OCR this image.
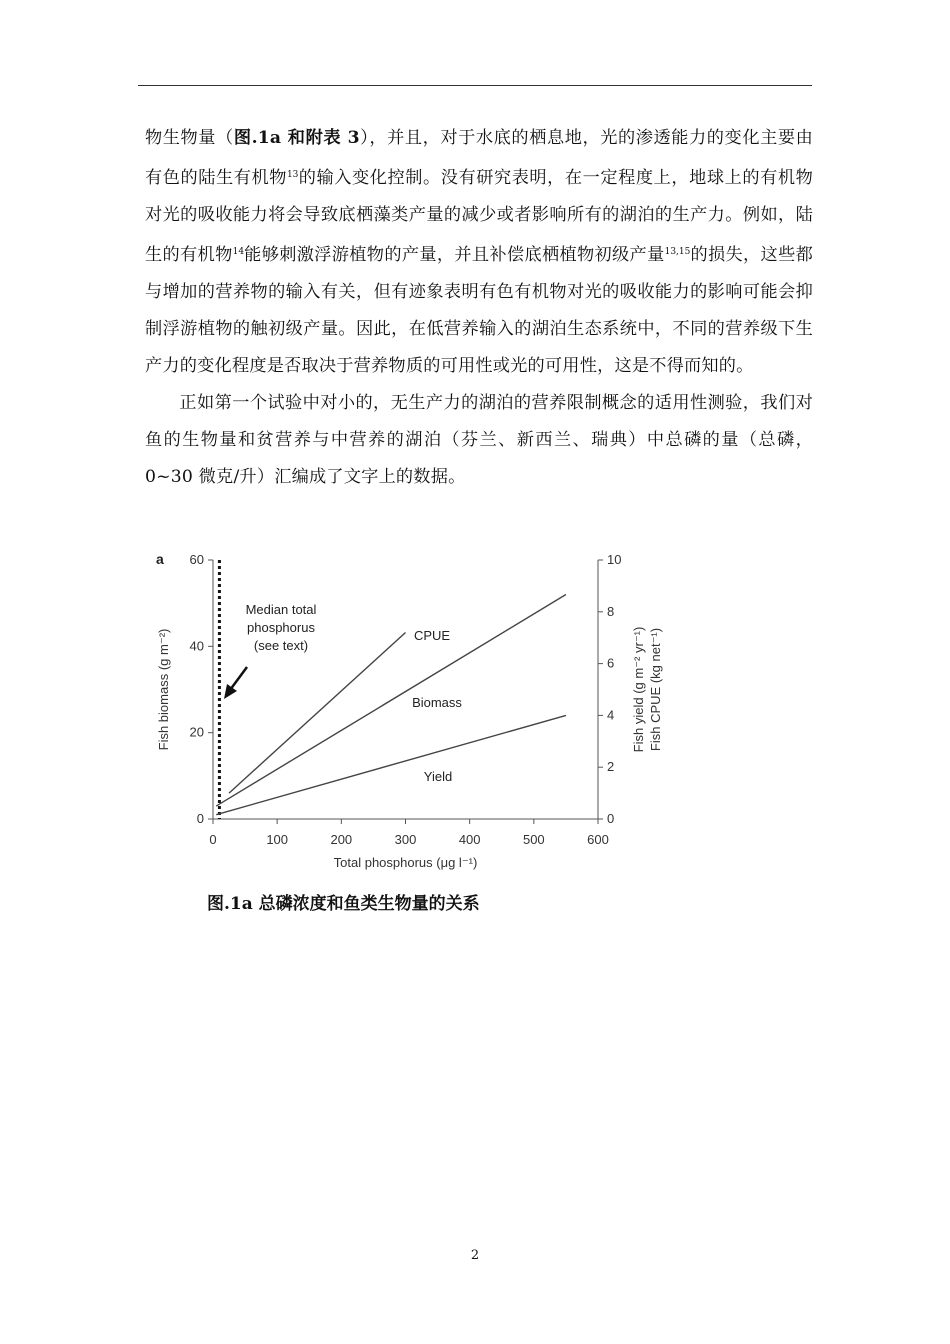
物生物量（图.1a 和附表 3），并且，对于水底的栖息地，光的渗透能力的变化主要由有色的陆生有机物$^{13}$的输入变化控制。没有研究表明，在一定程度上，地球上的有机物对光的吸收能力将会导致底栖藻类产量的减少或者影响所有的湖泊的生产力。例如，陆生的有机物$^{14}$能够刺激浮游植物的产量，并且补偿底栖植物初级产量$^{13,15}$的损失，这些都与增加的营养物的输入有关，但有迹象表明有色有机物对光的吸收能力的影响可能会抑制浮游植物的触初级产量。因此，在低营养输入的湖泊生态系统中，不同的营养级下生产力的变化程度是否取决于营养物质的可用性或光的可用性，这是不得而知的。

正如第一个试验中对小的，无生产力的湖泊的营养限制概念的适用性测验，我们对鱼的生物量和贫营养与中营养的湖泊（芬兰、新西兰、瑞典）中总磷的量（总磷，0~30 微克/升）汇编成了文字上的数据。

0	100	200	300	400	500	600
0
20
40
60
0
2
4
6
8
10
a
Total phosphorus (μg l⁻¹)
Fish biomass (g m⁻²)	Fish yield (g m⁻² yr⁻¹) Fish CPUE (kg net⁻¹)
Median total
phosphorus
(see text)
CPUE
Biomass
Yield
图.1a 总磷浓度和鱼类生物量的关系
2
